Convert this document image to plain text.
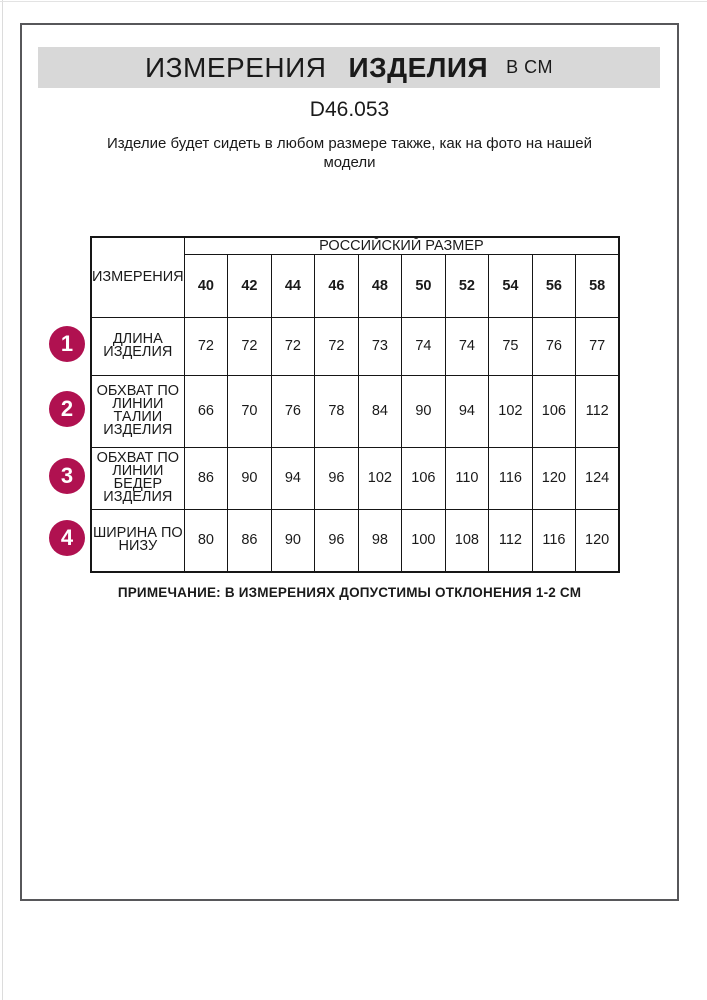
ИЗМЕРЕНИЯ ИЗДЕЛИЯ В СМ
D46.053
Изделие будет сидеть в любом размере также, как на фото на нашей модели
ИЗМЕРЕНИЯ	РОССИЙСКИЙ РАЗМЕР									
	40	42	44	46	48	50	52	54	56	58
ДЛИНА ИЗДЕЛИЯ	72	72	72	72	73	74	74	75	76	77
ОБХВАТ ПО ЛИНИИ ТАЛИИ ИЗДЕЛИЯ	66	70	76	78	84	90	94	102	106	112
ОБХВАТ ПО ЛИНИИ БЕДЕР ИЗДЕЛИЯ	86	90	94	96	102	106	110	116	120	124
ШИРИНА ПО НИЗУ	80	86	90	96	98	100	108	112	116	120
1
2
3
4
ПРИМЕЧАНИЕ: В ИЗМЕРЕНИЯХ ДОПУСТИМЫ ОТКЛОНЕНИЯ 1-2 СМ
